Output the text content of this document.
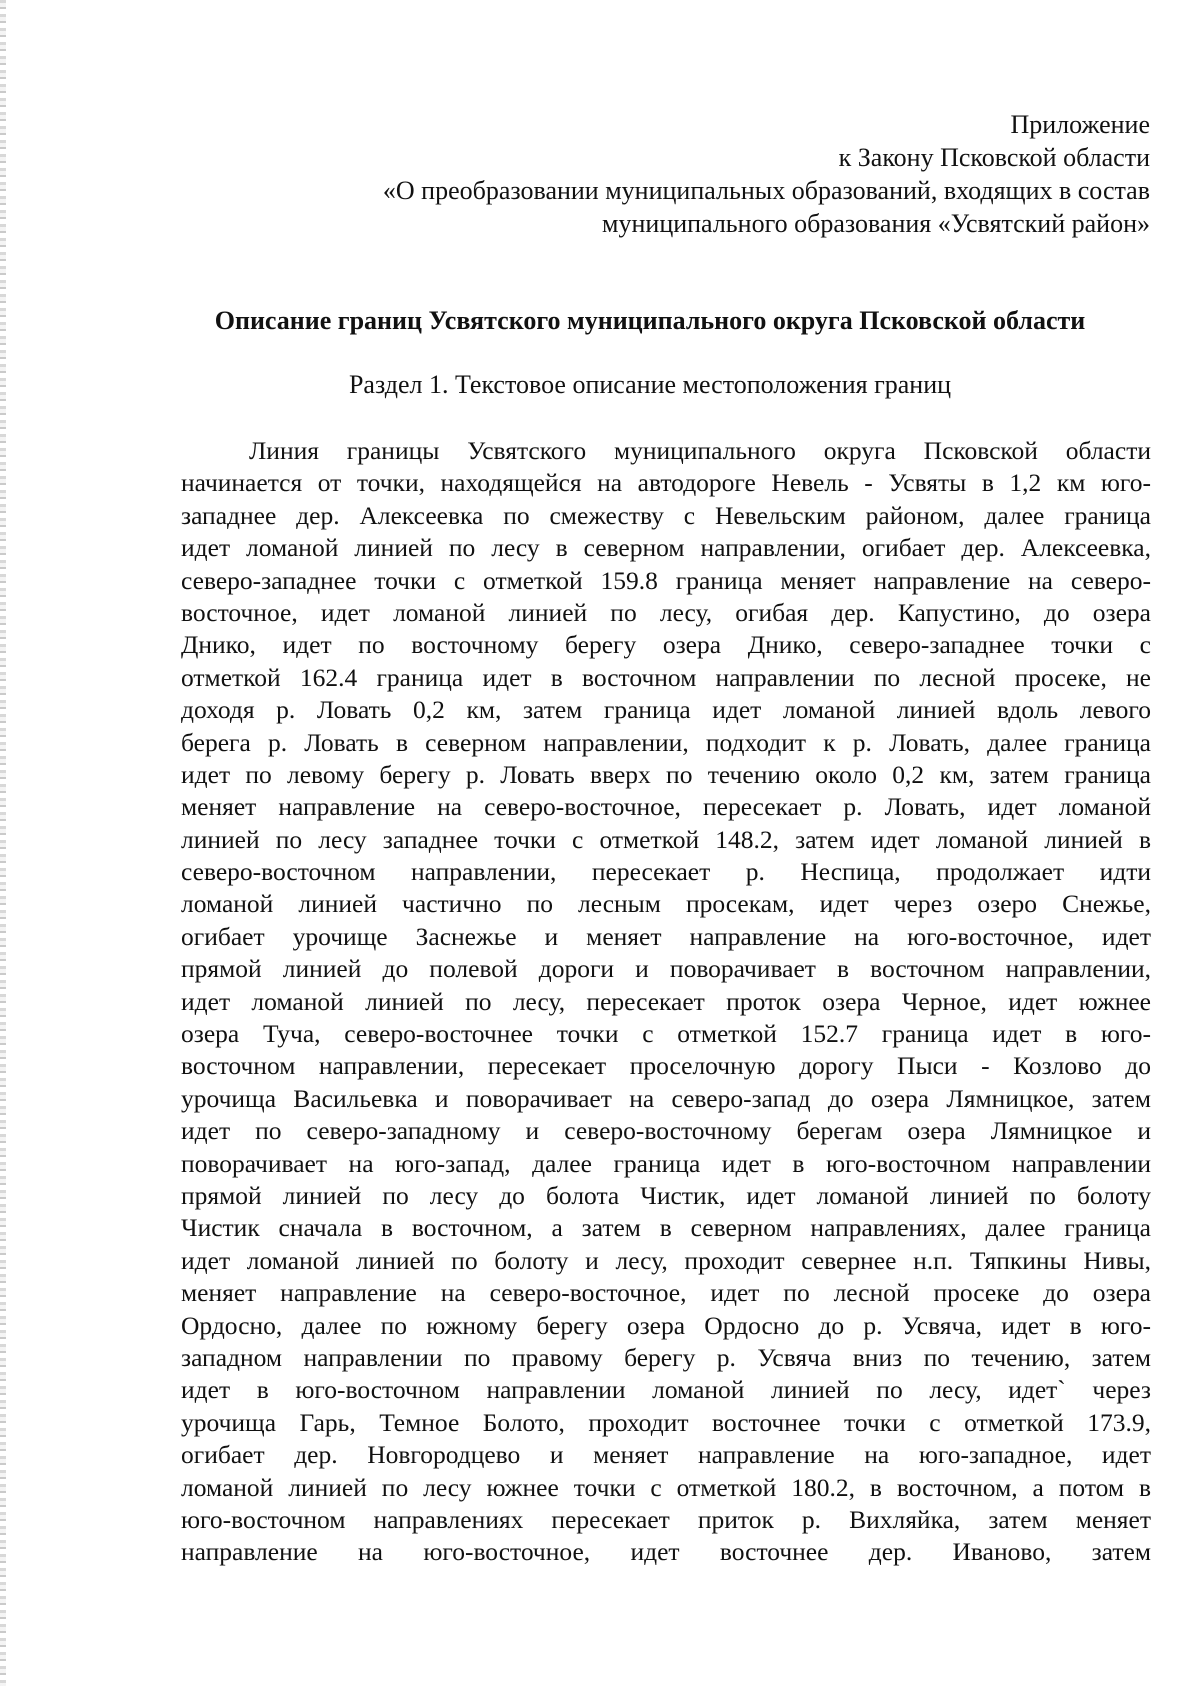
Приложение
к Закону Псковской области
«О преобразовании муниципальных образований, входящих в состав
муниципального образования «Усвятский район»
Описание границ Усвятского муниципального округа Псковской области
Раздел 1. Текстовое описание местоположения границ
Линия границы Усвятского муниципального округа Псковской области
начинается от точки, находящейся на автодороге Невель - Усвяты в 1,2 км юго-
западнее дер. Алексеевка по смежеству с Невельским районом, далее граница
идет ломаной линией по лесу в северном направлении, огибает дер. Алексеевка,
северо-западнее точки с отметкой 159.8 граница меняет направление на северо-
восточное, идет ломаной линией по лесу, огибая дер. Капустино, до озера
Днико, идет по восточному берегу озера Днико, северо-западнее точки с
отметкой 162.4 граница идет в восточном направлении по лесной просеке, не
доходя р. Ловать 0,2 км, затем граница идет ломаной линией вдоль левого
берега р. Ловать в северном направлении, подходит к р. Ловать, далее граница
идет по левому берегу р. Ловать вверх по течению около 0,2 км, затем граница
меняет направление на северо-восточное, пересекает р. Ловать, идет ломаной
линией по лесу западнее точки с отметкой 148.2, затем идет ломаной линией в
северо-восточном направлении, пересекает р. Неспица, продолжает идти
ломаной линией частично по лесным просекам, идет через озеро Снежье,
огибает урочище Заснежье и меняет направление на юго-восточное, идет
прямой линией до полевой дороги и поворачивает в восточном направлении,
идет ломаной линией по лесу, пересекает проток озера Черное, идет южнее
озера Туча, северо-восточнее точки с отметкой 152.7 граница идет в юго-
восточном направлении, пересекает проселочную дорогу Пыси - Козлово до
урочища Васильевка и поворачивает на северо-запад до озера Лямницкое, затем
идет по северо-западному и северо-восточному берегам озера Лямницкое и
поворачивает на юго-запад, далее граница идет в юго-восточном направлении
прямой линией по лесу до болота Чистик, идет ломаной линией по болоту
Чистик сначала в восточном, а затем в северном направлениях, далее граница
идет ломаной линией по болоту и лесу, проходит севернее н.п. Тяпкины Нивы,
меняет направление на северо-восточное, идет по лесной просеке до озера
Ордосно, далее по южному берегу озера Ордосно до р. Усвяча, идет в юго-
западном направлении по правому берегу р. Усвяча вниз по течению, затем
идет в юго-восточном направлении ломаной линией по лесу, идет` через
урочища Гарь, Темное Болото, проходит восточнее точки с отметкой 173.9,
огибает дер. Новгородцево и меняет направление на юго-западное, идет
ломаной линией по лесу южнее точки с отметкой 180.2, в восточном, а потом в
юго-восточном направлениях пересекает приток р. Вихляйка, затем меняет
направление на юго-восточное, идет восточнее дер. Иваново, затем
